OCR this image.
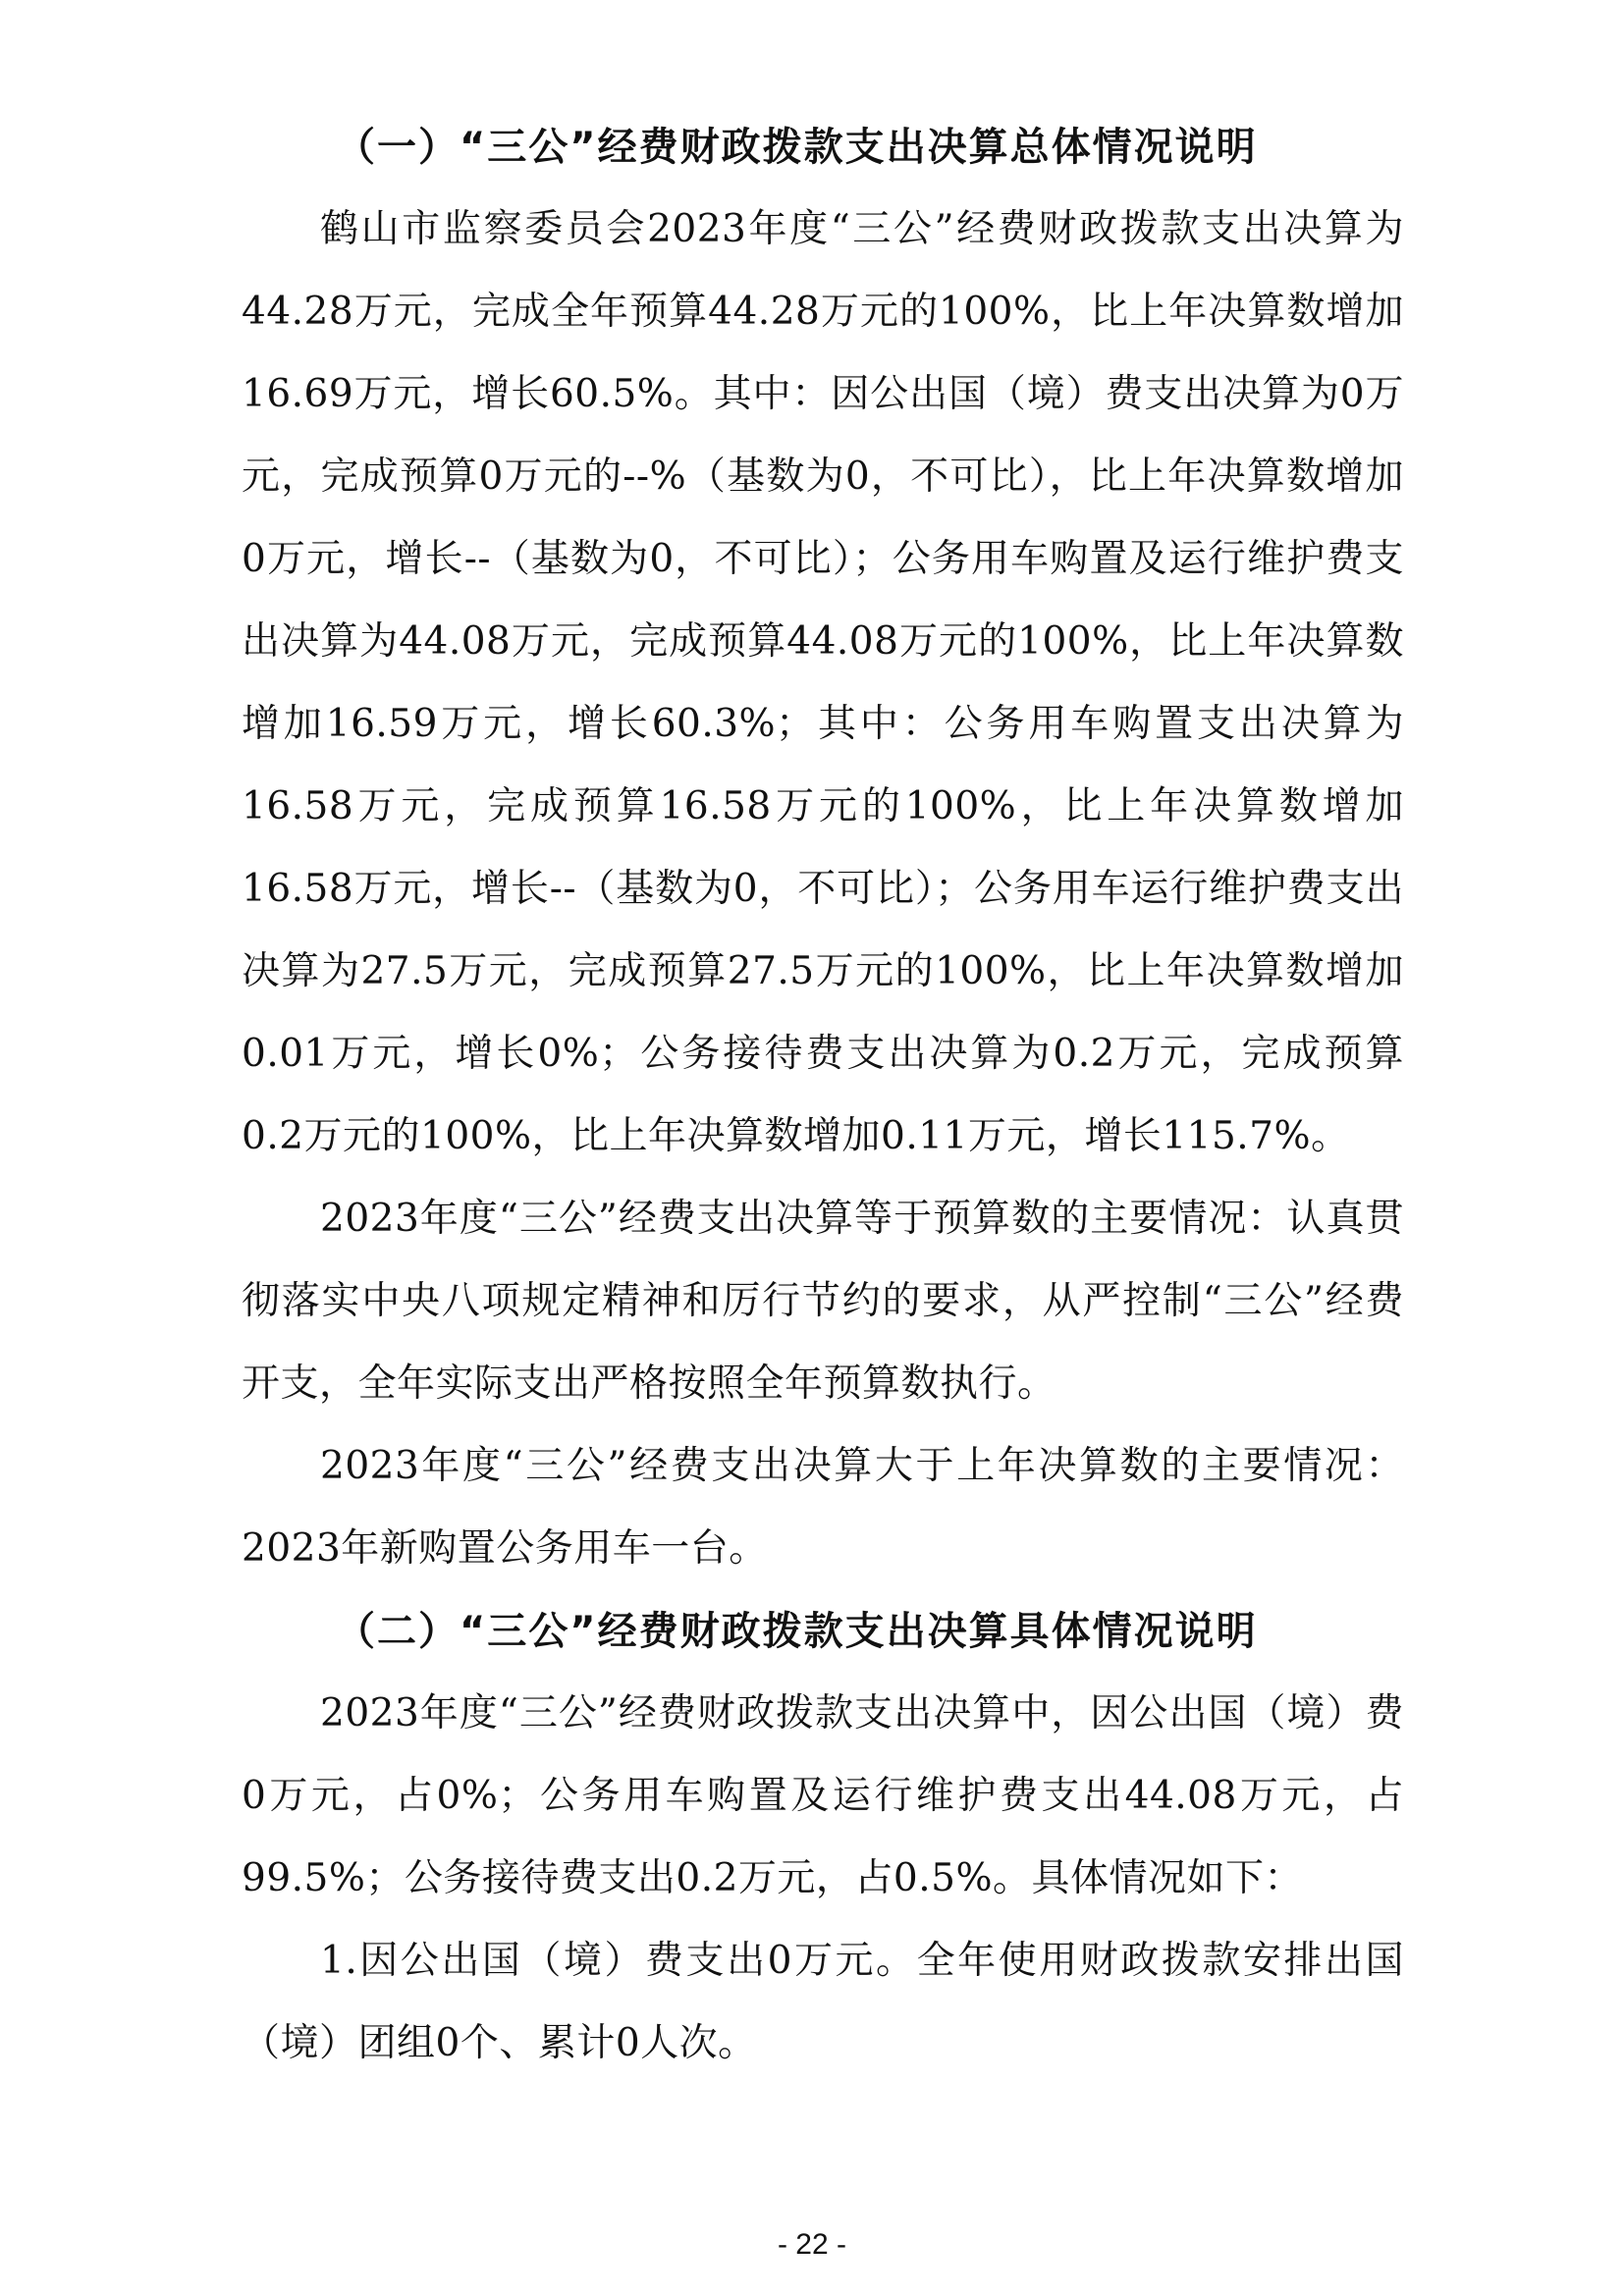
（一）“三公”经费财政拨款支出决算总体情况说明

鹤山市监察委员会2023年度“三公”经费财政拨款支出决算为44.28万元，完成全年预算44.28万元的100%，比上年决算数增加16.69万元，增长60.5%。其中：因公出国（境）费支出决算为0万元，完成预算0万元的--%（基数为0，不可比），比上年决算数增加0万元，增长--（基数为0，不可比）；公务用车购置及运行维护费支出决算为44.08万元，完成预算44.08万元的100%，比上年决算数增加16.59万元，增长60.3%；其中：公务用车购置支出决算为16.58万元，完成预算16.58万元的100%，比上年决算数增加16.58万元，增长--（基数为0，不可比）；公务用车运行维护费支出决算为27.5万元，完成预算27.5万元的100%，比上年决算数增加0.01万元，增长0%；公务接待费支出决算为0.2万元，完成预算0.2万元的100%，比上年决算数增加0.11万元，增长115.7%。

2023年度“三公”经费支出决算等于预算数的主要情况：认真贯彻落实中央八项规定精神和厉行节约的要求，从严控制“三公”经费开支，全年实际支出严格按照全年预算数执行。

2023年度“三公”经费支出决算大于上年决算数的主要情况：2023年新购置公务用车一台。

（二）“三公”经费财政拨款支出决算具体情况说明

2023年度“三公”经费财政拨款支出决算中，因公出国（境）费0万元，占0%；公务用车购置及运行维护费支出44.08万元，占99.5%；公务接待费支出0.2万元，占0.5%。具体情况如下：

1.因公出国（境）费支出0万元。全年使用财政拨款安排出国（境）团组0个、累计0人次。

- 22 -
